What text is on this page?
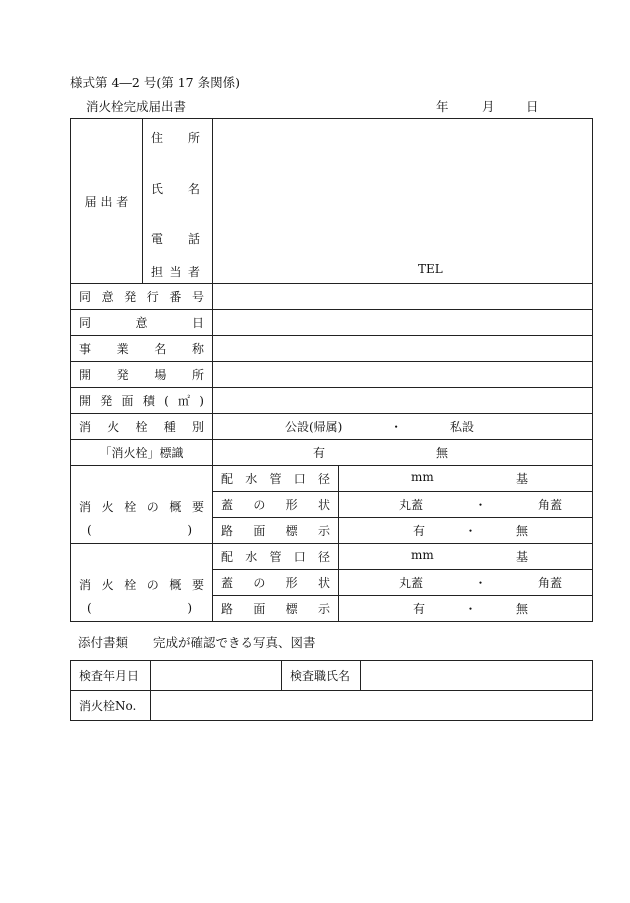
様式第 4―2 号(第 17 条関係)
消火栓完成届出書	年	月	日
届 出 者	住所
氏名
電話
担当者	TEL	

同意発行番号			
同意日			
事業名称			
開発場所			
開発面積(㎡)			
消火栓種別		公設(帰属) ・ 私設	

「消火栓」標識		有 無	

消火栓の概要
( )		配水管口径	mm 基

		蓋の形状	丸蓋 ・ 角蓋

		路面標示	有 ・ 無

消火栓の概要
( )		配水管口径	mm 基

		蓋の形状	丸蓋 ・ 角蓋

		路面標示	有 ・ 無
添付書類　　完成が確認できる写真、図書
検査年月日		検査職氏名	
消火栓No.			
